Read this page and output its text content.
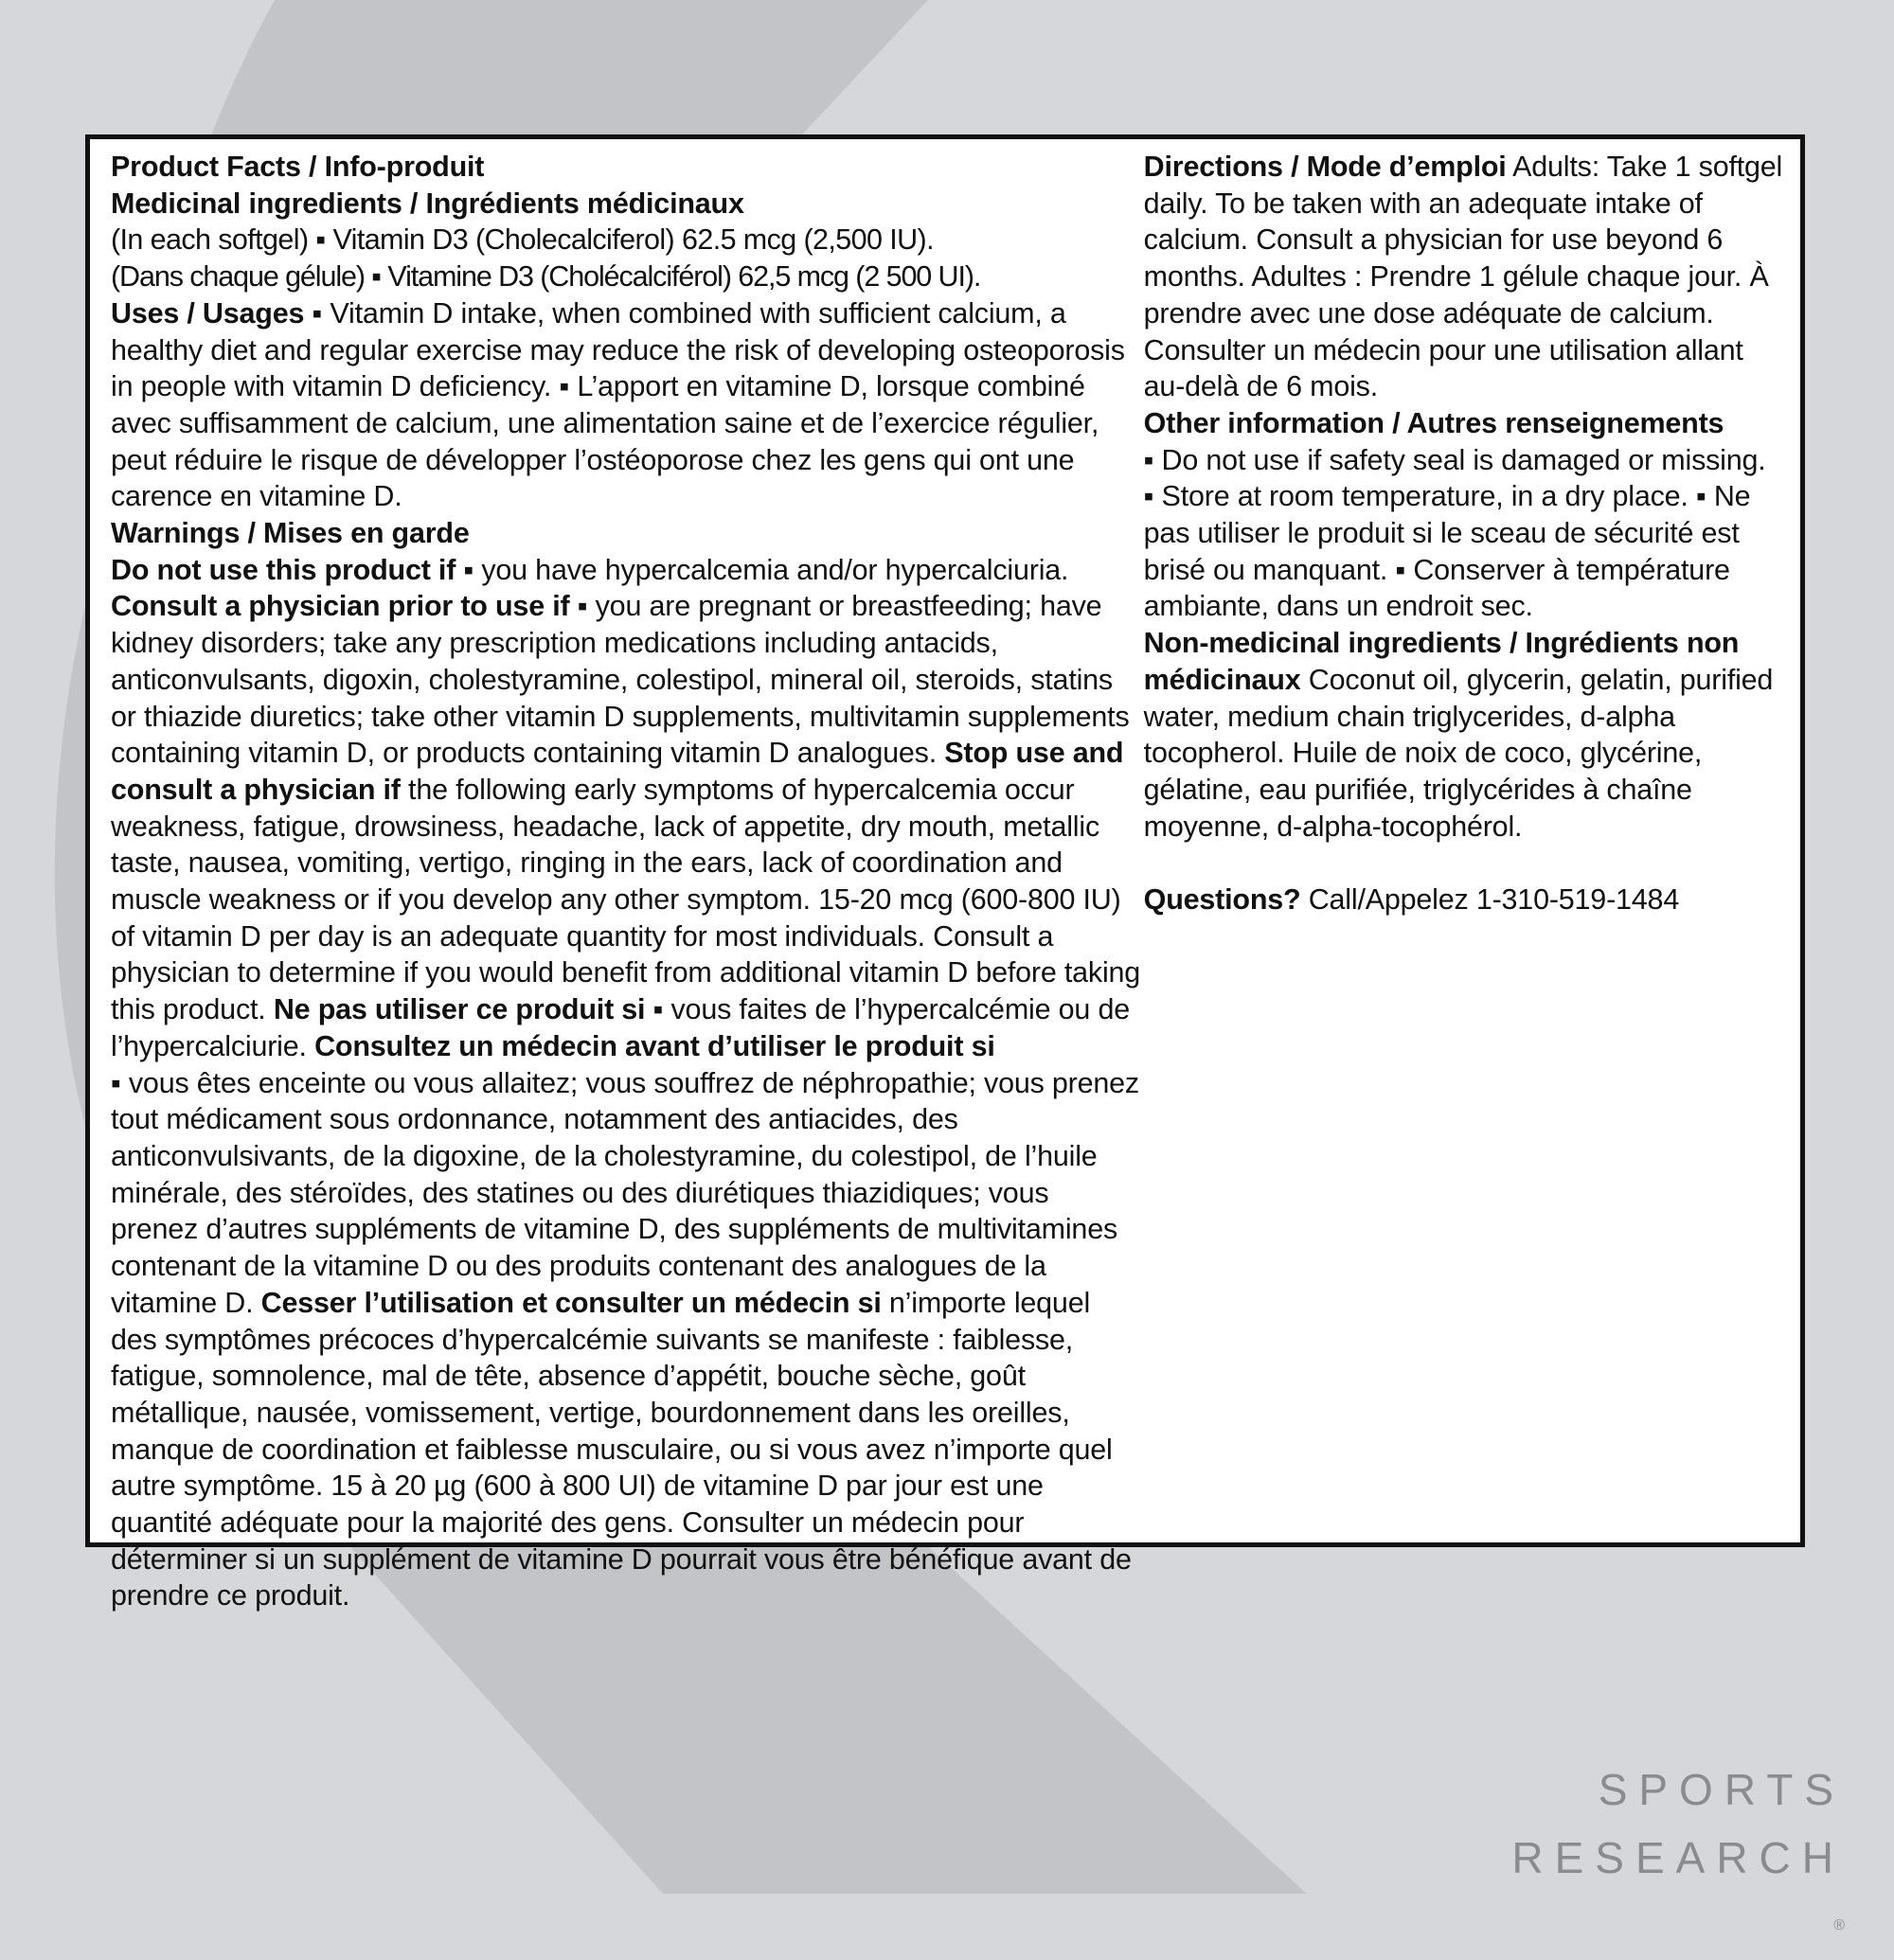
Product Facts / Info-produit
Medicinal ingredients / Ingrédients médicinaux
(In each softgel) ▪ Vitamin D3 (Cholecalciferol) 62.5 mcg (2,500 IU).
(Dans chaque gélule) ▪ Vitamine D3 (Cholécalciférol) 62,5 mcg (2 500 UI).

Uses / Usages ▪ Vitamin D intake, when combined with sufficient calcium, a healthy diet and regular exercise may reduce the risk of developing osteoporosis in people with vitamin D deficiency. ▪ L’apport en vitamine D, lorsque combiné avec suffisamment de calcium, une alimentation saine et de l’exercice régulier, peut réduire le risque de développer l’ostéoporose chez les gens qui ont une carence en vitamine D.

Warnings / Mises en garde
Do not use this product if ▪ you have hypercalcemia and/or hypercalciuria. Consult a physician prior to use if ▪ you are pregnant or breastfeeding; have kidney disorders; take any prescription medications including antacids, anticonvulsants, digoxin, cholestyramine, colestipol, mineral oil, steroids, statins or thiazide diuretics; take other vitamin D supplements, multivitamin supplements containing vitamin D, or products containing vitamin D analogues. Stop use and consult a physician if the following early symptoms of hypercalcemia occur weakness, fatigue, drowsiness, headache, lack of appetite, dry mouth, metallic taste, nausea, vomiting, vertigo, ringing in the ears, lack of coordination and muscle weakness or if you develop any other symptom. 15-20 mcg (600-800 IU) of vitamin D per day is an adequate quantity for most individuals. Consult a physician to determine if you would benefit from additional vitamin D before taking this product. Ne pas utiliser ce produit si ▪ vous faites de l’hypercalcémie ou de l’hypercalciurie. Consultez un médecin avant d’utiliser le produit si

▪ vous êtes enceinte ou vous allaitez; vous souffrez de néphropathie; vous prenez tout médicament sous ordonnance, notamment des antiacides, des anticonvulsivants, de la digoxine, de la cholestyramine, du colestipol, de l’huile minérale, des stéroïdes, des statines ou des diurétiques thiazidiques; vous prenez d’autres suppléments de vitamine D, des suppléments de multivitamines contenant de la vitamine D ou des produits contenant des analogues de la vitamine D. Cesser l’utilisation et consulter un médecin si n’importe lequel des symptômes précoces d’hypercalcémie suivants se manifeste : faiblesse, fatigue, somnolence, mal de tête, absence d’appétit, bouche sèche, goût métallique, nausée, vomissement, vertige, bourdonnement dans les oreilles, manque de coordination et faiblesse musculaire, ou si vous avez n’importe quel autre symptôme. 15 à 20 µg (600 à 800 UI) de vitamine D par jour est une quantité adéquate pour la majorité des gens. Consulter un médecin pour déterminer si un supplément de vitamine D pourrait vous être bénéfique avant de prendre ce produit.

Directions / Mode d’emploi Adults: Take 1 softgel daily. To be taken with an adequate intake of calcium. Consult a physician for use beyond 6 months. Adultes : Prendre 1 gélule chaque jour. À prendre avec une dose adéquate de calcium. Consulter un médecin pour une utilisation allant au-delà de 6 mois.

Other information / Autres renseignements
▪ Do not use if safety seal is damaged or missing. ▪ Store at room temperature, in a dry place. ▪ Ne pas utiliser le produit si le sceau de sécurité est brisé ou manquant. ▪ Conserver à température ambiante, dans un endroit sec.

Non-medicinal ingredients / Ingrédients non médicinaux Coconut oil, glycerin, gelatin, purified water, medium chain triglycerides, d-alpha tocopherol. Huile de noix de coco, glycérine, gélatine, eau purifiée, triglycérides à chaîne moyenne, d-alpha-tocophérol.

Questions? Call/Appelez 1-310-519-1484

SPORTS
RESEARCH
®
